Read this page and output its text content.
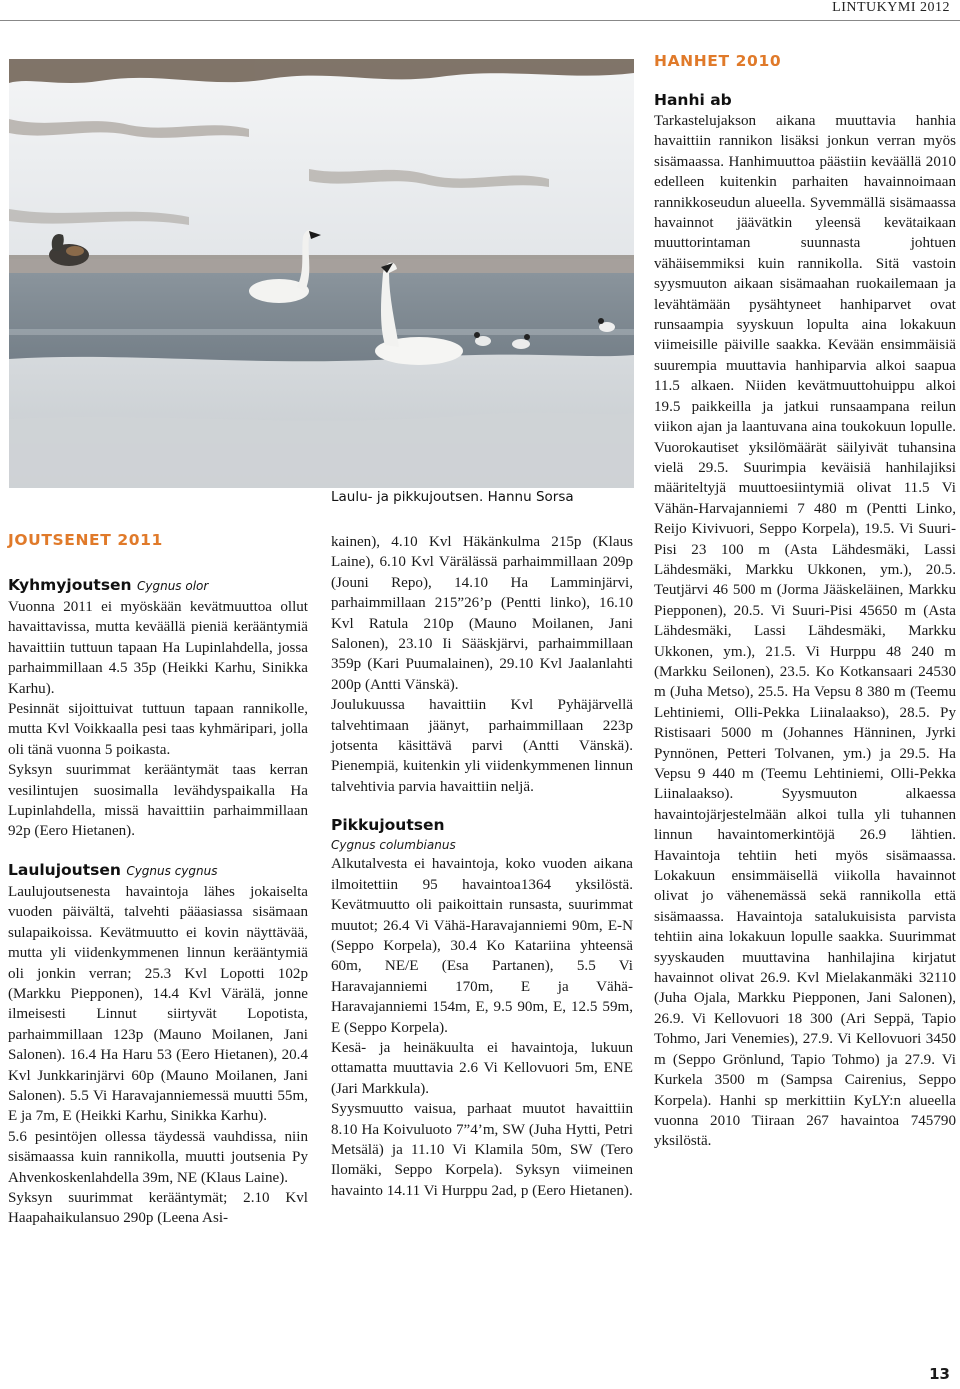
LINTUKYMI 2012
Laulu- ja pikkujoutsen. Hannu Sorsa
JOUTSENET 2011
Kyhmyjoutsen Cygnus olor

Vuonna 2011 ei myöskään kevätmuuttoa ollut havaittavissa, mutta keväällä pieniä kerääntymiä havaittiin tuttuun tapaan Ha Lupinlahdella, jossa parhaimmillaan 4.5 35p (Heikki Karhu, Sinikka Karhu).

Pesinnät sijoittuivat tuttuun tapaan rannikolle, mutta Kvl Voikkaalla pesi taas kyhmäripari, jolla oli tänä vuonna 5 poikasta.

Syksyn suurimmat kerääntymät taas kerran vesilintujen suosimalla levähdyspaikalla Ha Lupinlahdella, missä havaittiin parhaimmillaan 92p (Eero Hietanen).

Laulujoutsen Cygnus cygnus

Laulujoutsenesta havaintoja lähes jokaiselta vuoden päivältä, talvehti pääasiassa sisämaan sulapaikoissa. Kevätmuutto ei kovin näyttävää, mutta yli viidenkymmenen linnun kerääntymiä oli jonkin verran; 25.3 Kvl Lopotti 102p (Markku Piepponen), 14.4 Kvl Värälä, jonne ilmeisesti Linnut siirtyvät Lopotista, parhaimmillaan 123p (Mauno Moilanen, Jani Salonen). 16.4 Ha Haru 53 (Eero Hietanen), 20.4 Kvl Junkkarinjärvi 60p (Mauno Moilanen, Jani Salonen). 5.5 Vi Haravajanniemessä muutti 55m, E ja 7m, E (Heikki Karhu, Sinikka Karhu).

5.6 pesintöjen ollessa täydessä vauhdissa, niin sisämaassa kuin rannikolla, muutti joutsenia Py Ahvenkoskenlahdella 39m, NE (Klaus Laine).

Syksyn suurimmat kerääntymät; 2.10 Kvl Haapahaikulansuo 290p (Leena Asi-

kainen), 4.10 Kvl Häkänkulma 215p (Klaus Laine), 6.10 Kvl Värälässä parhaimmillaan 209p (Jouni Repo), 14.10 Ha Lamminjärvi, parhaimmillaan 215”26’p (Pentti linko), 16.10 Kvl Ratula 210p (Mauno Moilanen, Jani Salonen), 23.10 Ii Sääskjärvi, parhaimmillaan 359p (Kari Puumalainen), 29.10 Kvl Jaalanlahti 200p (Antti Vänskä).

Joulukuussa havaittiin Kvl Pyhäjärvellä talvehtimaan jäänyt, parhaimmillaan 223p jotsenta käsittävä parvi (Antti Vänskä). Pienempiä, kuitenkin yli viidenkymmenen linnun talvehtivia parvia havaittiin neljä.

Pikkujoutsen

Cygnus columbianus

Alkutalvesta ei havaintoja, koko vuoden aikana ilmoitettiin 95 havaintoa1364 yksilöstä. Kevätmuutto oli paikoittain runsasta, suurimmat muutot; 26.4 Vi Vähä-Haravajanniemi 90m, E-N (Seppo Korpela), 30.4 Ko Katariina yhteensä 60m, NE/E (Esa Partanen), 5.5 Vi Haravajanniemi 170m, E ja Vähä-Haravajanniemi 154m, E, 9.5 90m, E, 12.5 59m, E (Seppo Korpela).

Kesä- ja heinäkuulta ei havaintoja, lukuun ottamatta muuttavia 2.6 Vi Kellovuori 5m, ENE (Jari Markkula).

Syysmuutto vaisua, parhaat muutot havaittiin 8.10 Ha Koivuluoto 7”4’m, SW (Juha Hytti, Petri Metsälä) ja 11.10 Vi Klamila 50m, SW (Tero Ilomäki, Seppo Korpela). Syksyn viimeinen havainto 14.11 Vi Hurppu 2ad, p (Eero Hietanen).

HANHET 2010
Hanhi ab

Tarkastelujakson aikana muuttavia hanhia havaittiin rannikon lisäksi jonkun verran myös sisämaassa. Hanhimuuttoa päästiin keväällä 2010 edelleen kuitenkin parhaiten havainnoimaan rannikkoseudun alueella. Syvemmällä sisämaassa havainnot jäävätkin yleensä kevätaikaan muuttorintaman suunnasta johtuen vähäisemmiksi kuin rannikolla. Sitä vastoin syysmuuton aikaan sisämaahan ruokailemaan ja levähtämään pysähtyneet hanhiparvet ovat runsaampia syyskuun lopulta aina lokakuun viimeisille päiville saakka. Kevään ensimmäisiä suurempia muuttavia hanhiparvia alkoi saapua 11.5 alkaen. Niiden kevätmuuttohuippu alkoi 19.5 paikkeilla ja jatkui runsaampana reilun viikon ajan ja laantuvana aina toukokuun lopulle. Vuorokautiset yksilömäärät säilyivät tuhansina vielä 29.5. Suurimpia keväisiä hanhilajiksi määriteltyjä muuttoesiintymiä olivat 11.5 Vi Vähän-Harvajanniemi 7 480 m (Pentti Linko, Reijo Kivivuori, Seppo Korpela), 19.5. Vi Suuri-Pisi 23 100 m (Asta Lähdesmäki, Lassi Lähdesmäki, Markku Ukkonen, ym.), 20.5. Teutjärvi 46 500 m (Jorma Jääskeläinen, Markku Piepponen), 20.5. Vi Suuri-Pisi 45650 m (Asta Lähdesmäki, Lassi Lähdesmäki, Markku Ukkonen, ym.), 21.5. Vi Hurppu 48 240 m (Markku Seilonen), 23.5. Ko Kotkansaari 24530 m (Juha Metso), 25.5. Ha Vepsu 8 380 m (Teemu Lehtiniemi, Olli-Pekka Liinalaakso), 28.5. Py Ristisaari 5000 m (Johannes Hänninen, Jyrki Pynnönen, Petteri Tolvanen, ym.) ja 29.5. Ha Vepsu 9 440 m (Teemu Lehtiniemi, Olli-Pekka Liinalaakso). Syysmuuton alkaessa havaintojärjestelmään alkoi tulla yli tuhannen linnun havaintomerkintöjä 26.9 lähtien. Havaintoja tehtiin heti myös sisämaassa. Lokakuun ensimmäisellä viikolla havainnot olivat jo vähenemässä sekä rannikolla että sisämaassa. Havaintoja satalukuisista parvista tehtiin aina lokakuun lopulle saakka. Suurimmat syyskauden muuttavina hanhilajina kirjatut havainnot olivat 26.9. Kvl Mielakanmäki 32110 (Juha Ojala, Markku Piepponen, Jani Salonen), 26.9. Vi Kellovuori 18 300 (Ari Seppä, Tapio Tohmo, Jari Venemies), 27.9. Vi Kellovuori 3450 m (Seppo Grönlund, Tapio Tohmo) ja 27.9. Vi Kurkela 3500 m (Sampsa Cairenius, Seppo Korpela). Hanhi sp merkittiin KyLY:n alueella vuonna 2010 Tiiraan 267 havaintoa 745790 yksilöstä.

13
